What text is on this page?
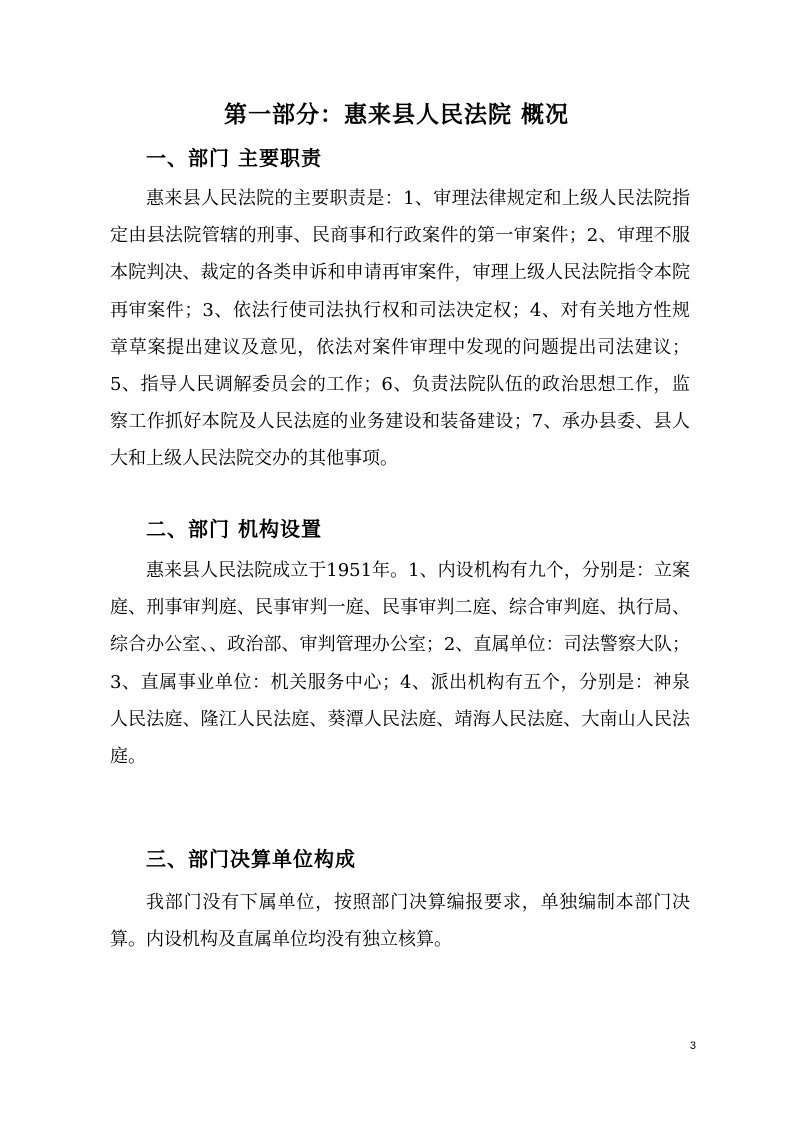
第一部分：惠来县人民法院 概况
一、部门 主要职责
惠来县人民法院的主要职责是：1、审理法律规定和上级人民法院指定由县法院管辖的刑事、民商事和行政案件的第一审案件；2、审理不服本院判决、裁定的各类申诉和申请再审案件，审理上级人民法院指令本院再审案件；3、依法行使司法执行权和司法决定权；4、对有关地方性规章草案提出建议及意见，依法对案件审理中发现的问题提出司法建议；5、指导人民调解委员会的工作；6、负责法院队伍的政治思想工作，监察工作抓好本院及人民法庭的业务建设和装备建设；7、承办县委、县人大和上级人民法院交办的其他事项。
二、部门 机构设置
惠来县人民法院成立于1951年。1、内设机构有九个，分别是：立案庭、刑事审判庭、民事审判一庭、民事审判二庭、综合审判庭、执行局、综合办公室、、政治部、审判管理办公室；2、直属单位：司法警察大队；3、直属事业单位：机关服务中心；4、派出机构有五个，分别是：神泉人民法庭、隆江人民法庭、葵潭人民法庭、靖海人民法庭、大南山人民法庭。
三、部门决算单位构成
我部门没有下属单位，按照部门决算编报要求，单独编制本部门决算。内设机构及直属单位均没有独立核算。
3
